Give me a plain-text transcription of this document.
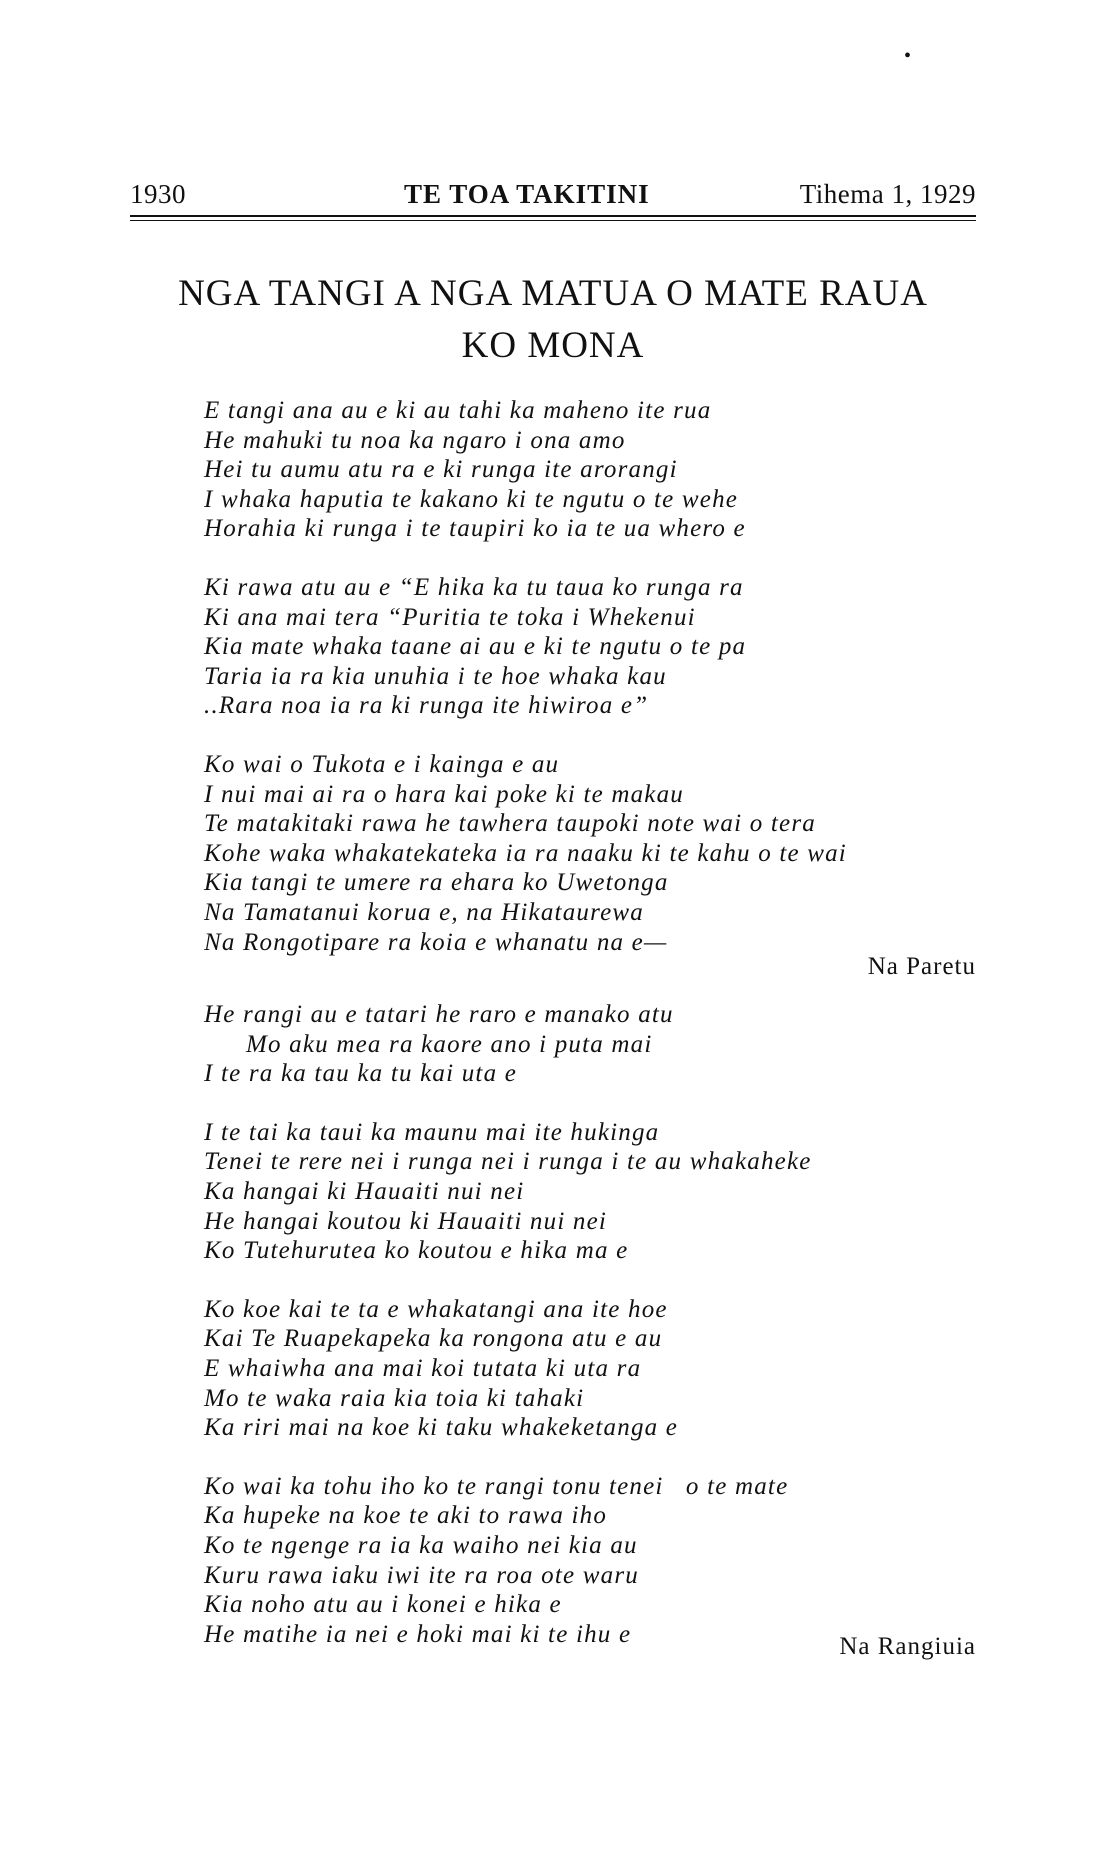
•
1930	TE TOA TAKITINI	Tihema 1, 1929
NGA TANGI A NGA MATUA O MATE RAUA
KO MONA
E tangi ana au e ki au tahi ka maheno ite rua
He mahuki tu noa ka ngaro i ona amo
Hei tu aumu atu ra e ki runga ite arorangi
I whaka haputia te kakano ki te ngutu o te wehe
Horahia ki runga i te taupiri ko ia te ua whero e
Ki rawa atu au e “E hika ka tu taua ko runga ra
Ki ana mai tera “Puritia te toka i Whekenui
Kia mate whaka taane ai au e ki te ngutu o te pa
Taria ia ra kia unuhia i te hoe whaka kau
..Rara noa ia ra ki runga ite hiwiroa e”
Ko wai o Tukota e i kainga e au
I nui mai ai ra o hara kai poke ki te makau
Te matakitaki rawa he tawhera taupoki note wai o tera
Kohe waka whakatekateka ia ra naaku ki te kahu o te wai
Kia tangi te umere ra ehara ko Uwetonga
Na Tamatanui korua e, na Hikataurewa
Na Rongotipare ra koia e whanatu na e—
Na Paretu
He rangi au e tatari he raro e manako atu
Mo aku mea ra kaore ano i puta mai
I te ra ka tau ka tu kai uta e
I te tai ka taui ka maunu mai ite hukinga
Tenei te rere nei i runga nei i runga i te au whakaheke
Ka hangai ki Hauaiti nui nei
He hangai koutou ki Hauaiti nui nei
Ko Tutehurutea ko koutou e hika ma e
Ko koe kai te ta e whakatangi ana ite hoe
Kai Te Ruapekapeka ka rongona atu e au
E whaiwha ana mai koi tutata ki uta ra
Mo te waka raia kia toia ki tahaki
Ka riri mai na koe ki taku whakeketanga e
Ko wai ka tohu iho ko te rangi tonu tenei   o te mate
Ka hupeke na koe te aki to rawa iho
Ko te ngenge ra ia ka waiho nei kia au
Kuru rawa iaku iwi ite ra roa ote waru
Kia noho atu au i konei e hika e
He matihe ia nei e hoki mai ki te ihu e	Na Rangiuia
